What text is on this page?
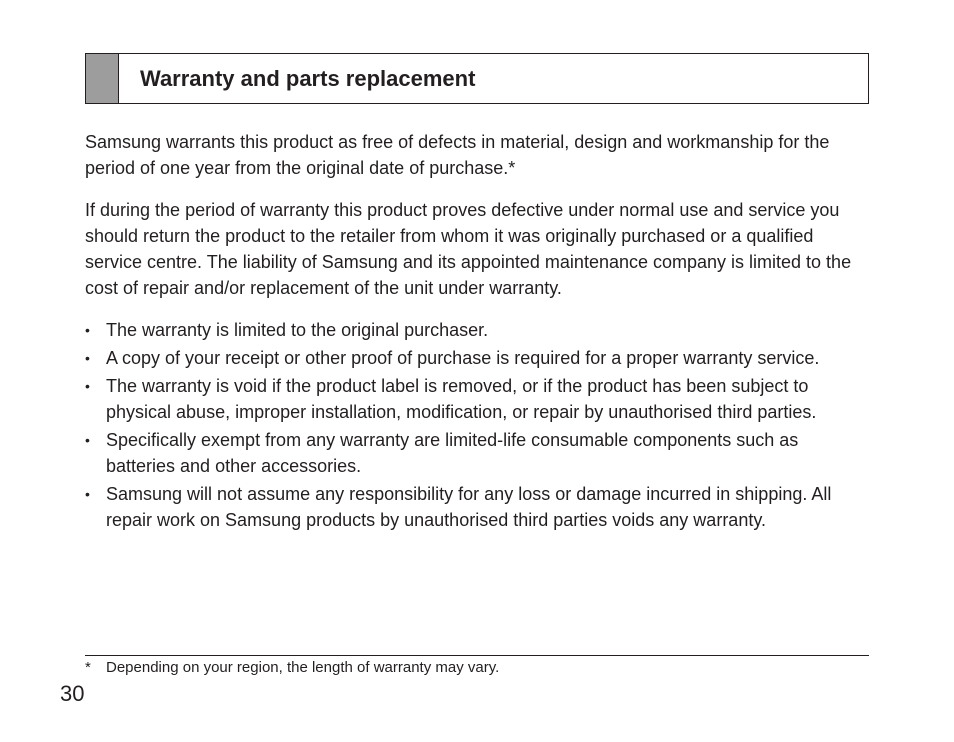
Warranty and parts replacement

Samsung warrants this product as free of defects in material, design and workmanship for the period of one year from the original date of purchase.*

If during the period of warranty this product proves defective under normal use and service you should return the product to the retailer from whom it was originally purchased or a qualified service centre. The liability of Samsung and its appointed maintenance company is limited to the cost of repair and/or replacement of the unit under warranty.

• The warranty is limited to the original purchaser.
• A copy of your receipt or other proof of purchase is required for a proper warranty service.
• The warranty is void if the product label is removed, or if the product has been subject to physical abuse, improper installation, modification, or repair by unauthorised third parties.
• Specifically exempt from any warranty are limited-life consumable components such as batteries and other accessories.
• Samsung will not assume any responsibility for any loss or damage incurred in shipping. All repair work on Samsung products by unauthorised third parties voids any warranty.
* Depending on your region, the length of warranty may vary.
30
